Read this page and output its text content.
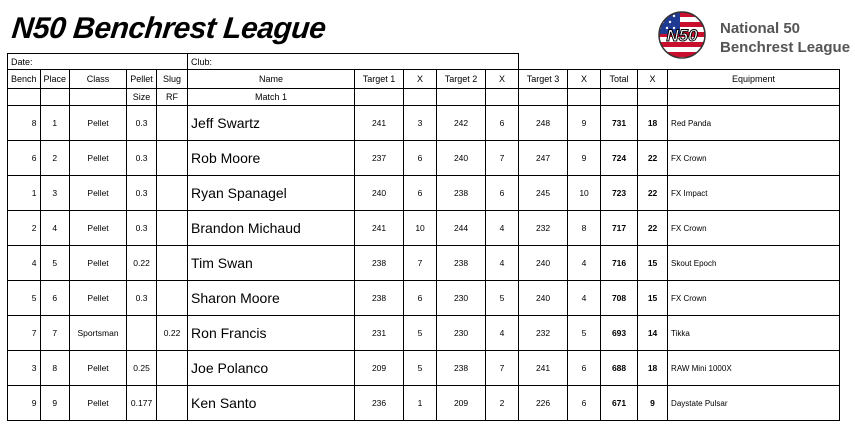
N50 Benchrest League	N50 National 50
Benchrest League
Date:					Club:									
Bench	Place	Class	Pellet	Slug	Name	Target 1	X	Target 2	X	Target 3	X	Total	X	Equipment
			Size	RF	Match 1									
8	1	Pellet	0.3		Jeff Swartz	241	3	242	6	248	9	731	18	Red Panda
6	2	Pellet	0.3		Rob Moore	237	6	240	7	247	9	724	22	FX Crown
1	3	Pellet	0.3		Ryan Spanagel	240	6	238	6	245	10	723	22	FX Impact
2	4	Pellet	0.3		Brandon Michaud	241	10	244	4	232	8	717	22	FX Crown
4	5	Pellet	0.22		Tim Swan	238	7	238	4	240	4	716	15	Skout Epoch
5	6	Pellet	0.3		Sharon Moore	238	6	230	5	240	4	708	15	FX Crown
7	7	Sportsman		0.22	Ron Francis	231	5	230	4	232	5	693	14	Tikka
3	8	Pellet	0.25		Joe Polanco	209	5	238	7	241	6	688	18	RAW Mini 1000X
9	9	Pellet	0.177		Ken Santo	236	1	209	2	226	6	671	9	Daystate Pulsar
